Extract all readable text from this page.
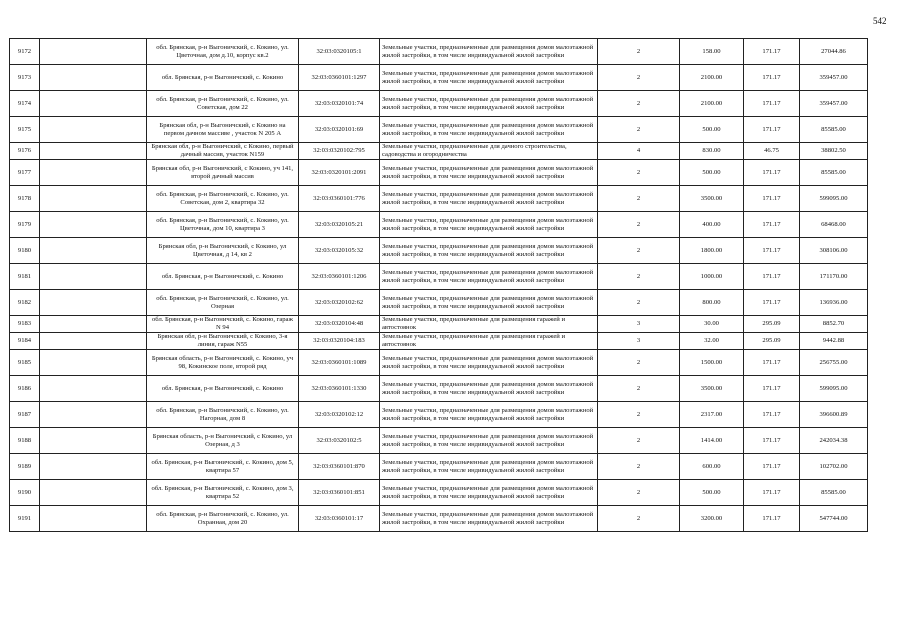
542
9172		обл. Брянская, р-н Выгоничский, с. Кокино, ул. Цветочная, дом д.10, корпус кв.2	32:03:0320105:1	Земельные участки, предназначенные для размещения домов малоэтажной жилой застройки, в том числе индивидуальной жилой застройки	2	158.00	171.17	27044.86
9173		обл. Брянская, р-н Выгоничский, с. Кокино	32:03:0360101:1297	Земельные участки, предназначенные для размещения домов малоэтажной жилой застройки, в том числе индивидуальной жилой застройки	2	2100.00	171.17	359457.00
9174		обл. Брянская, р-н Выгоничский, с. Кокино, ул. Советская, дом 22	32:03:0320101:74	Земельные участки, предназначенные для размещения домов малоэтажной жилой застройки, в том числе индивидуальной жилой застройки	2	2100.00	171.17	359457.00
9175		Брянская обл, р-н Выгоничский, с Кокино на первом дачном массиве , участок N 205 А	32:03:0320101:69	Земельные участки, предназначенные для размещения домов малоэтажной жилой застройки, в том числе индивидуальной жилой застройки	2	500.00	171.17	85585.00
9176		Брянская обл, р-н Выгоничский, с Кокино, первый дачный массив, участок N159	32:03:0320102:795	Земельные участки, предназначенные для дачного строительства, садоводства и огородничества	4	830.00	46.75	38802.50
9177		Брянская обл, р-н Выгоничский, с Кокино, уч 141, второй дачный массив	32:03:0320101:2091	Земельные участки, предназначенные для размещения домов малоэтажной жилой застройки, в том числе индивидуальной жилой застройки	2	500.00	171.17	85585.00
9178		обл. Брянская, р-н Выгоничский, с. Кокино, ул. Советская, дом 2, квартира 32	32:03:0360101:776	Земельные участки, предназначенные для размещения домов малоэтажной жилой застройки, в том числе индивидуальной жилой застройки	2	3500.00	171.17	599095.00
9179		обл. Брянская, р-н Выгоничский, с. Кокино, ул. Цветочная, дом 10, квартира 3	32:03:0320105:21	Земельные участки, предназначенные для размещения домов малоэтажной жилой застройки, в том числе индивидуальной жилой застройки	2	400.00	171.17	68468.00
9180		Брянская обл, р-н Выгоничский, с Кокино, ул Цветочная, д 14, кв 2	32:03:0320105:32	Земельные участки, предназначенные для размещения домов малоэтажной жилой застройки, в том числе индивидуальной жилой застройки	2	1800.00	171.17	308106.00
9181		обл. Брянская, р-н Выгоничский, с. Кокино	32:03:0360101:1206	Земельные участки, предназначенные для размещения домов малоэтажной жилой застройки, в том числе индивидуальной жилой застройки	2	1000.00	171.17	171170.00
9182		обл. Брянская, р-н Выгоничский, с. Кокино, ул. Озерная	32:03:0320102:62	Земельные участки, предназначенные для размещения домов малоэтажной жилой застройки, в том числе индивидуальной жилой застройки	2	800.00	171.17	136936.00
9183		обл. Брянская, р-н Выгоничский, с. Кокино, гараж N 94	32:03:0320104:48	Земельные участки, предназначенные для размещения гаражей и автостоянок	3	30.00	295.09	8852.70
9184		Брянская обл, р-н Выгоничский, с Кокино, 3-я линия, гараж N55	32:03:0320104:183	Земельные участки, предназначенные для размещения гаражей и автостоянок	3	32.00	295.09	9442.88
9185		Брянская область, р-н Выгоничский, с. Кокино, уч 98, Кокинское поле, второй ряд	32:03:0360101:1089	Земельные участки, предназначенные для размещения домов малоэтажной жилой застройки, в том числе индивидуальной жилой застройки	2	1500.00	171.17	256755.00
9186		обл. Брянская, р-н Выгоничский, с. Кокино	32:03:0360101:1330	Земельные участки, предназначенные для размещения домов малоэтажной жилой застройки, в том числе индивидуальной жилой застройки	2	3500.00	171.17	599095.00
9187		обл. Брянская, р-н Выгоничский, с. Кокино, ул. Нагорная, дом 8	32:03:0320102:12	Земельные участки, предназначенные для размещения домов малоэтажной жилой застройки, в том числе индивидуальной жилой застройки	2	2317.00	171.17	396600.89
9188		Брянская область, р-н Выгоничский, с Кокино, ул Озерная, д 3	32:03:0320102:5	Земельные участки, предназначенные для размещения домов малоэтажной жилой застройки, в том числе индивидуальной жилой застройки	2	1414.00	171.17	242034.38
9189		обл. Брянская, р-н Выгоничский, с. Кокино, дом 5, квартира 57	32:03:0360101:870	Земельные участки, предназначенные для размещения домов малоэтажной жилой застройки, в том числе индивидуальной жилой застройки	2	600.00	171.17	102702.00
9190		обл. Брянская, р-н Выгоничский, с. Кокино, дом 3, квартира 52	32:03:0360101:851	Земельные участки, предназначенные для размещения домов малоэтажной жилой застройки, в том числе индивидуальной жилой застройки	2	500.00	171.17	85585.00
9191		обл. Брянская, р-н Выгоничский, с. Кокино, ул. Охранная, дом 20	32:03:0360101:17	Земельные участки, предназначенные для размещения домов малоэтажной жилой застройки, в том числе индивидуальной жилой застройки	2	3200.00	171.17	547744.00
